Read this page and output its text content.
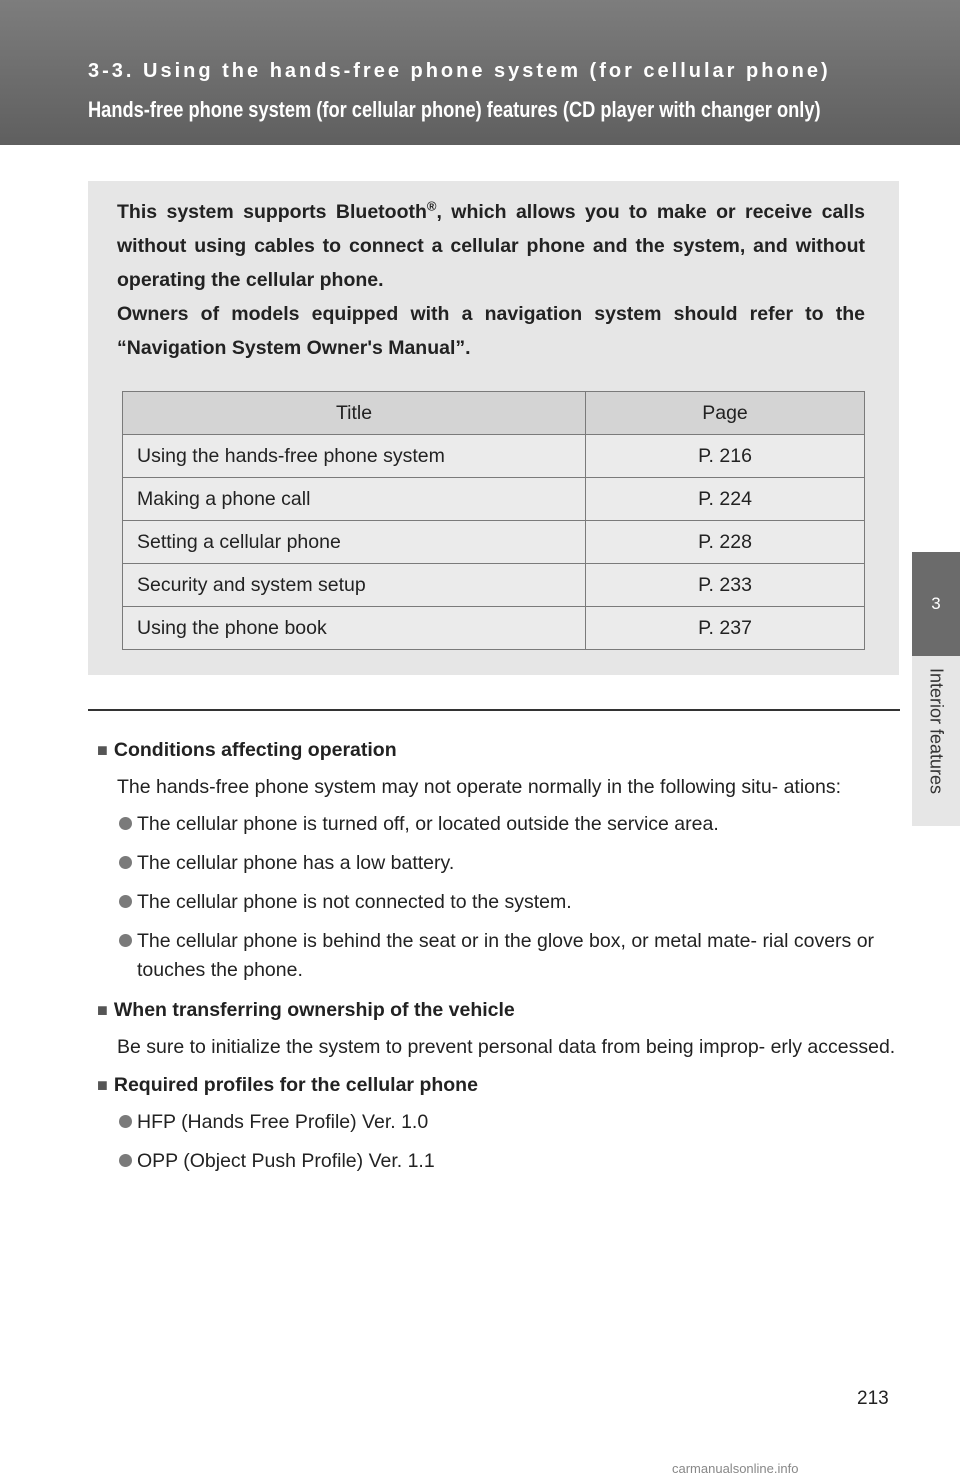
3-3. Using the hands-free phone system (for cellular phone)
Hands-free phone system (for cellular phone) features (CD player with changer only)
3
Interior features
This system supports Bluetooth®, which allows you to make or receive calls without using cables to connect a cellular phone and the system, and without operating the cellular phone.
Owners of models equipped with a navigation system should refer to the “Navigation System Owner's Manual”.
Title	Page
Using the hands-free phone system	P. 216
Making a phone call	P. 224
Setting a cellular phone	P. 228
Security and system setup	P. 233
Using the phone book	P. 237
■ Conditions affecting operation
The hands-free phone system may not operate normally in the following situ- ations:
The cellular phone is turned off, or located outside the service area.
The cellular phone has a low battery.
The cellular phone is not connected to the system.
The cellular phone is behind the seat or in the glove box, or metal mate- rial covers or touches the phone.
■ When transferring ownership of the vehicle
Be sure to initialize the system to prevent personal data from being improp- erly accessed.
■ Required profiles for the cellular phone
HFP (Hands Free Profile) Ver. 1.0
OPP (Object Push Profile) Ver. 1.1
213
carmanualsonline.info
